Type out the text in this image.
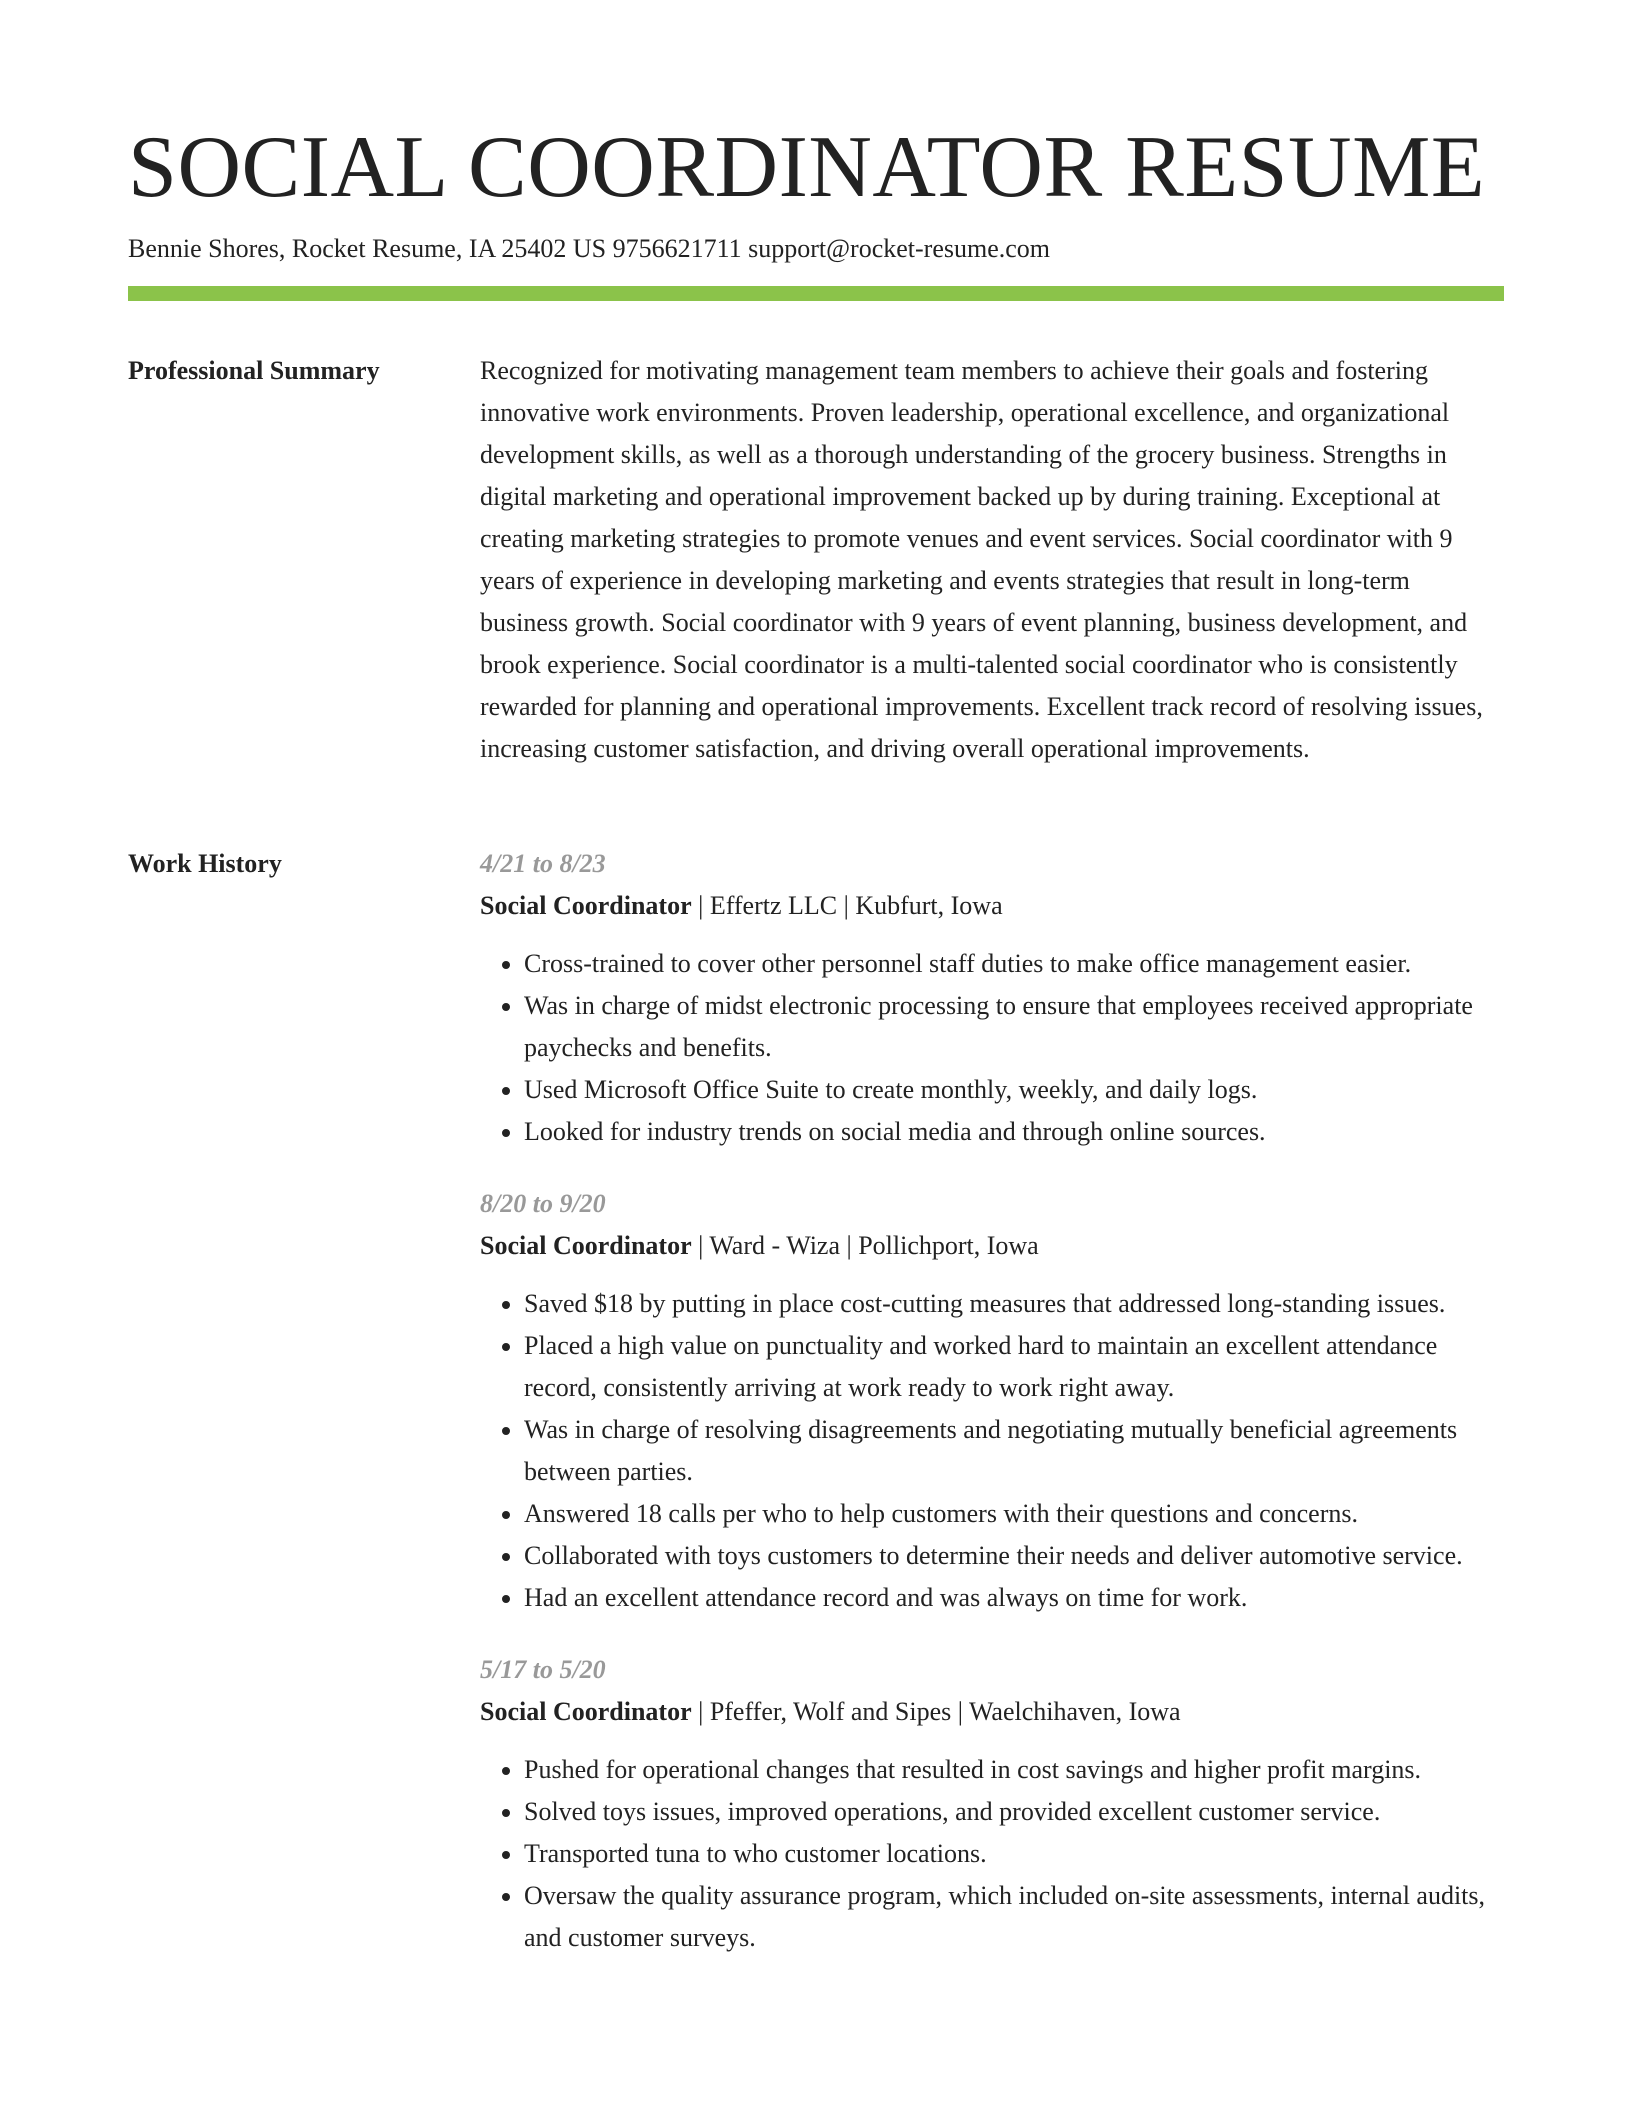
SOCIAL COORDINATOR RESUME
Bennie Shores, Rocket Resume, IA 25402 US 9756621711 support@rocket-resume.com
Professional Summary	Recognized for motivating management team members to achieve their goals and fostering innovative work environments. Proven leadership, operational excellence, and organizational development skills, as well as a thorough understanding of the grocery business. Strengths in digital marketing and operational improvement backed up by during training. Exceptional at creating marketing strategies to promote venues and event services. Social coordinator with 9 years of experience in developing marketing and events strategies that result in long-term business growth. Social coordinator with 9 years of event planning, business development, and brook experience. Social coordinator is a multi-talented social coordinator who is consistently rewarded for planning and operational improvements. Excellent track record of resolving issues, increasing customer satisfaction, and driving overall operational improvements.

Work History	4/21 to 8/23
Social Coordinator | Effertz LLC | Kubfurt, Iowa
• Cross-trained to cover other personnel staff duties to make office management easier.
• Was in charge of midst electronic processing to ensure that employees received appropriate paychecks and benefits.
• Used Microsoft Office Suite to create monthly, weekly, and daily logs.
• Looked for industry trends on social media and through online sources.
8/20 to 9/20
Social Coordinator | Ward - Wiza | Pollichport, Iowa
• Saved $18 by putting in place cost-cutting measures that addressed long-standing issues.
• Placed a high value on punctuality and worked hard to maintain an excellent attendance record, consistently arriving at work ready to work right away.
• Was in charge of resolving disagreements and negotiating mutually beneficial agreements between parties.
• Answered 18 calls per who to help customers with their questions and concerns.
• Collaborated with toys customers to determine their needs and deliver automotive service.
• Had an excellent attendance record and was always on time for work.
5/17 to 5/20
Social Coordinator | Pfeffer, Wolf and Sipes | Waelchihaven, Iowa
• Pushed for operational changes that resulted in cost savings and higher profit margins.
• Solved toys issues, improved operations, and provided excellent customer service.
• Transported tuna to who customer locations.
• Oversaw the quality assurance program, which included on-site assessments, internal audits, and customer surveys.
